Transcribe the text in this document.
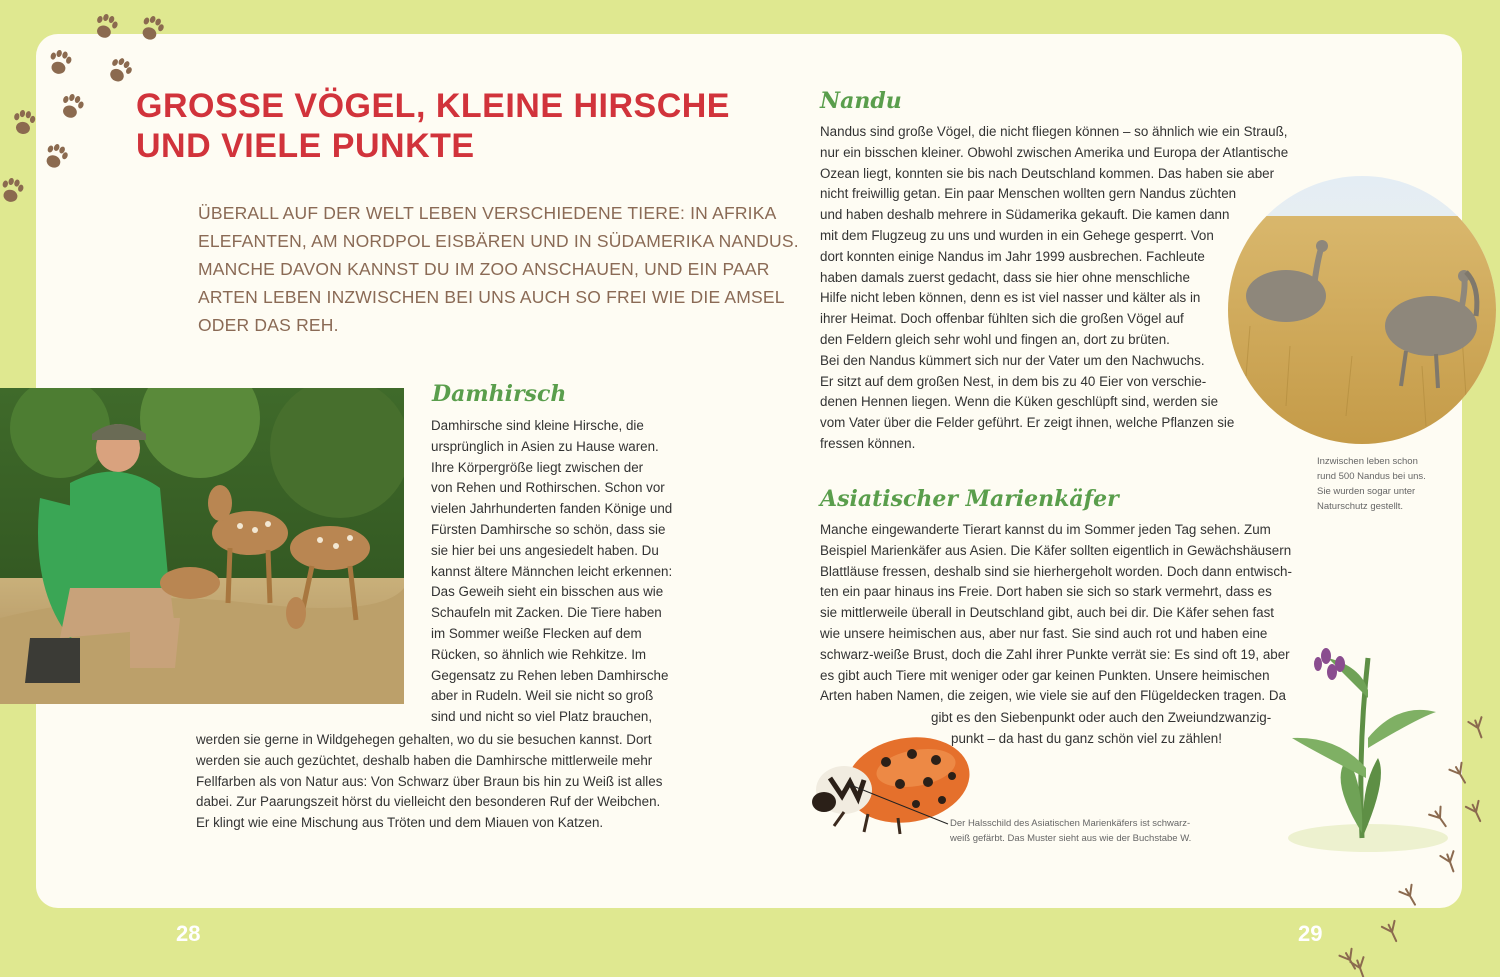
GROSSE VÖGEL, KLEINE HIRSCHE
UND VIELE PUNKTE
ÜBERALL AUF DER WELT LEBEN VERSCHIEDENE TIERE: IN AFRIKA
ELEFANTEN, AM NORDPOL EISBÄREN UND IN SÜDAMERIKA NANDUS.
MANCHE DAVON KANNST DU IM ZOO ANSCHAUEN, UND EIN PAAR
ARTEN LEBEN INZWISCHEN BEI UNS AUCH SO FREI WIE DIE AMSEL
ODER DAS REH.
Damhirsch
Damhirsche sind kleine Hirsche, die
ursprünglich in Asien zu Hause waren.
Ihre Körpergröße liegt zwischen der
von Rehen und Rothirschen. Schon vor
vielen Jahrhunderten fanden Könige und
Fürsten Damhirsche so schön, dass sie
sie hier bei uns angesiedelt haben. Du
kannst ältere Männchen leicht erkennen:
Das Geweih sieht ein bisschen aus wie
Schaufeln mit Zacken. Die Tiere haben
im Sommer weiße Flecken auf dem
Rücken, so ähnlich wie Rehkitze. Im
Gegensatz zu Rehen leben Damhirsche
aber in Rudeln. Weil sie nicht so groß
sind und nicht so viel Platz brauchen,
werden sie gerne in Wildgehegen gehalten, wo du sie besuchen kannst. Dort
werden sie auch gezüchtet, deshalb haben die Damhirsche mittlerweile mehr
Fellfarben als von Natur aus: Von Schwarz über Braun bis hin zu Weiß ist alles
dabei. Zur Paarungszeit hörst du vielleicht den besonderen Ruf der Weibchen.
Er klingt wie eine Mischung aus Tröten und dem Miauen von Katzen.
Nandu
Nandus sind große Vögel, die nicht fliegen können – so ähnlich wie ein Strauß,
nur ein bisschen kleiner. Obwohl zwischen Amerika und Europa der Atlantische
Ozean liegt, konnten sie bis nach Deutschland kommen. Das haben sie aber
nicht freiwillig getan. Ein paar Menschen wollten gern Nandus züchten
und haben deshalb mehrere in Südamerika gekauft. Die kamen dann
mit dem Flugzeug zu uns und wurden in ein Gehege gesperrt. Von
dort konnten einige Nandus im Jahr 1999 ausbrechen. Fachleute
haben damals zuerst gedacht, dass sie hier ohne menschliche
Hilfe nicht leben können, denn es ist viel nasser und kälter als in
ihrer Heimat. Doch offenbar fühlten sich die großen Vögel auf
den Feldern gleich sehr wohl und fingen an, dort zu brüten.
Bei den Nandus kümmert sich nur der Vater um den Nachwuchs.
Er sitzt auf dem großen Nest, in dem bis zu 40 Eier von verschie-
denen Hennen liegen. Wenn die Küken geschlüpft sind, werden sie
vom Vater über die Felder geführt. Er zeigt ihnen, welche Pflanzen sie
fressen können.
Inzwischen leben schon
rund 500 Nandus bei uns.
Sie wurden sogar unter
Naturschutz gestellt.
Asiatischer Marienkäfer
Manche eingewanderte Tierart kannst du im Sommer jeden Tag sehen. Zum
Beispiel Marienkäfer aus Asien. Die Käfer sollten eigentlich in Gewächshäusern
Blattläuse fressen, deshalb sind sie hierhergeholt worden. Doch dann entwisch-
ten ein paar hinaus ins Freie. Dort haben sie sich so stark vermehrt, dass es
sie mittlerweile überall in Deutschland gibt, auch bei dir. Die Käfer sehen fast
wie unsere heimischen aus, aber nur fast. Sie sind auch rot und haben eine
schwarz-weiße Brust, doch die Zahl ihrer Punkte verrät sie: Es sind oft 19, aber
es gibt auch Tiere mit weniger oder gar keinen Punkten. Unsere heimischen
Arten haben Namen, die zeigen, wie viele sie auf den Flügeldecken tragen. Da
gibt es den Siebenpunkt oder auch den Zweiundzwanzig-
punkt – da hast du ganz schön viel zu zählen!
Der Halsschild des Asiatischen Marienkäfers ist schwarz-
weiß gefärbt. Das Muster sieht aus wie der Buchstabe W.
28	29
